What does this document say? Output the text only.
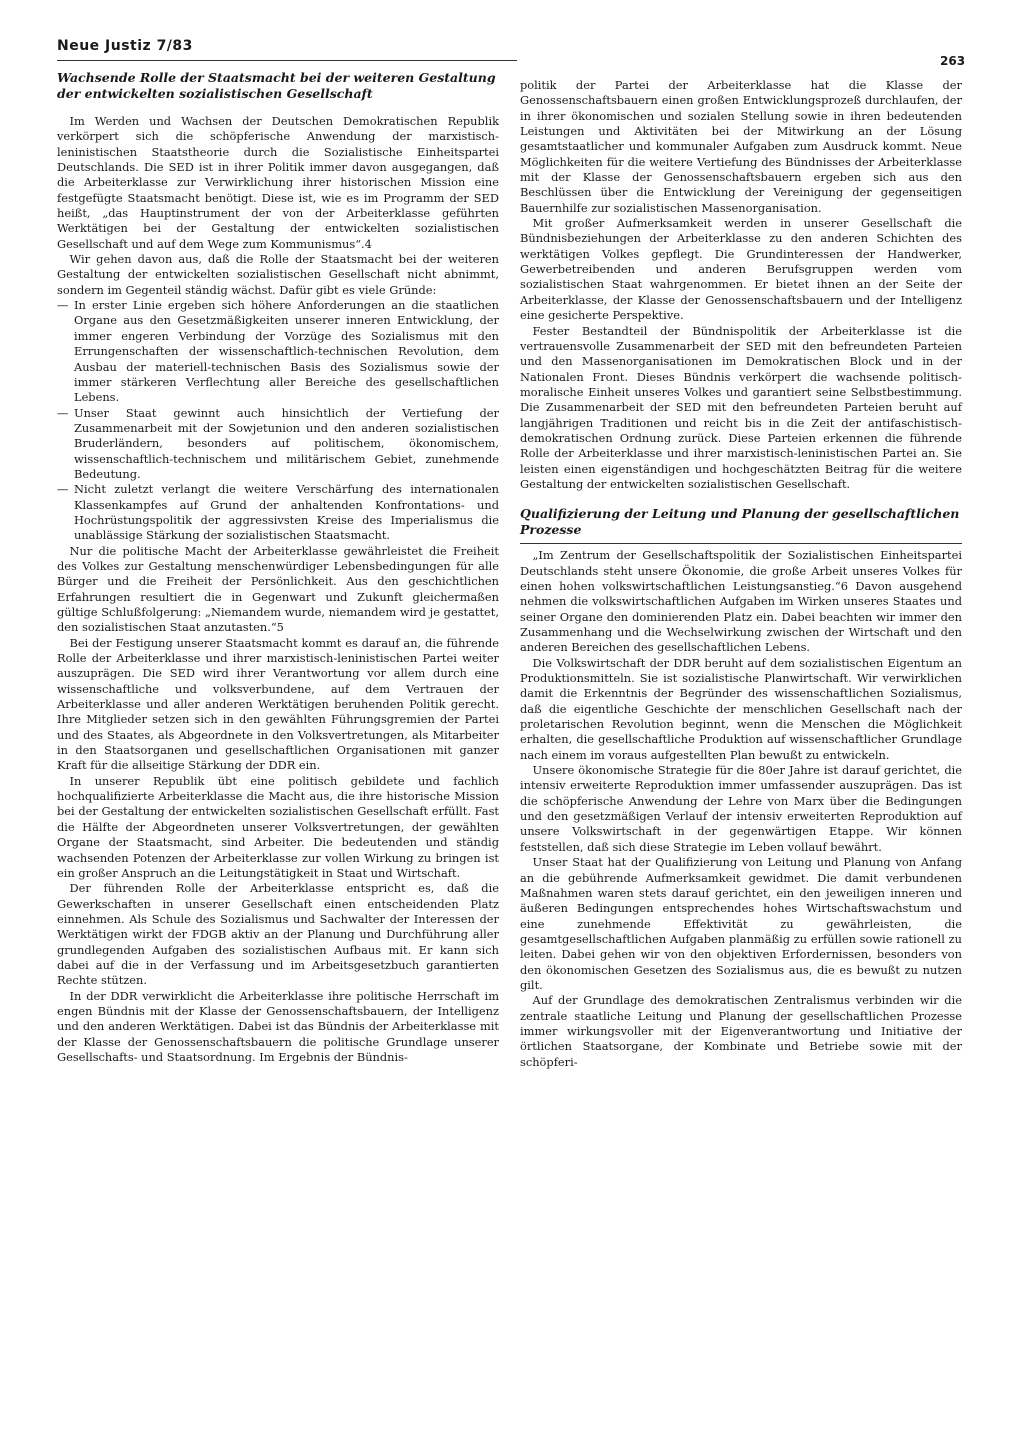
Neue Justiz 7/83
263
Wachsende Rolle der Staatsmacht bei der weiteren Gestaltung der entwickelten sozialistischen Gesellschaft

Im Werden und Wachsen der Deutschen Demokratischen Republik verkörpert sich die schöpferische Anwendung der marxistisch-leninistischen Staatstheorie durch die Sozialistische Einheitspartei Deutschlands. Die SED ist in ihrer Politik immer davon ausgegangen, daß die Arbeiterklasse zur Verwirklichung ihrer historischen Mission eine festgefügte Staatsmacht benötigt. Diese ist, wie es im Programm der SED heißt, „das Hauptinstrument der von der Arbeiterklasse geführten Werktätigen bei der Gestaltung der entwickelten sozialistischen Gesellschaft und auf dem Wege zum Kommunismus“.4

Wir gehen davon aus, daß die Rolle der Staatsmacht bei der weiteren Gestaltung der entwickelten sozialistischen Gesellschaft nicht abnimmt, sondern im Gegenteil ständig wächst. Dafür gibt es viele Gründe:

— In erster Linie ergeben sich höhere Anforderungen an die staatlichen Organe aus den Gesetzmäßigkeiten unserer inneren Entwicklung, der immer engeren Verbindung der Vorzüge des Sozialismus mit den Errungenschaften der wissenschaftlich-technischen Revolution, dem Ausbau der materiell-technischen Basis des Sozialismus sowie der immer stärkeren Verflechtung aller Bereiche des gesellschaftlichen Lebens.
— Unser Staat gewinnt auch hinsichtlich der Vertiefung der Zusammenarbeit mit der Sowjetunion und den anderen sozialistischen Bruderländern, besonders auf politischem, ökonomischem, wissenschaftlich-technischem und militärischem Gebiet, zunehmende Bedeutung.
— Nicht zuletzt verlangt die weitere Verschärfung des internationalen Klassenkampfes auf Grund der anhaltenden Konfrontations- und Hochrüstungspolitik der aggressivsten Kreise des Imperialismus die unablässige Stärkung der sozialistischen Staatsmacht.

Nur die politische Macht der Arbeiterklasse gewährleistet die Freiheit des Volkes zur Gestaltung menschenwürdiger Lebensbedingungen für alle Bürger und die Freiheit der Persönlichkeit. Aus den geschichtlichen Erfahrungen resultiert die in Gegenwart und Zukunft gleichermaßen gültige Schlußfolgerung: „Niemandem wurde, niemandem wird je gestattet, den sozialistischen Staat anzutasten.“5

Bei der Festigung unserer Staatsmacht kommt es darauf an, die führende Rolle der Arbeiterklasse und ihrer marxistisch-leninistischen Partei weiter auszuprägen. Die SED wird ihrer Verantwortung vor allem durch eine wissenschaftliche und volksverbundene, auf dem Vertrauen der Arbeiterklasse und aller anderen Werktätigen beruhenden Politik gerecht. Ihre Mitglieder setzen sich in den gewählten Führungsgremien der Partei und des Staates, als Abgeordnete in den Volksvertretungen, als Mitarbeiter in den Staatsorganen und gesellschaftlichen Organisationen mit ganzer Kraft für die allseitige Stärkung der DDR ein.

In unserer Republik übt eine politisch gebildete und fachlich hochqualifizierte Arbeiterklasse die Macht aus, die ihre historische Mission bei der Gestaltung der entwickelten sozialistischen Gesellschaft erfüllt. Fast die Hälfte der Abgeordneten unserer Volksvertretungen, der gewählten Organe der Staatsmacht, sind Arbeiter. Die bedeutenden und ständig wachsenden Potenzen der Arbeiterklasse zur vollen Wirkung zu bringen ist ein großer Anspruch an die Leitungstätigkeit in Staat und Wirtschaft.

Der führenden Rolle der Arbeiterklasse entspricht es, daß die Gewerkschaften in unserer Gesellschaft einen entscheidenden Platz einnehmen. Als Schule des Sozialismus und Sachwalter der Interessen der Werktätigen wirkt der FDGB aktiv an der Planung und Durchführung aller grundlegenden Aufgaben des sozialistischen Aufbaus mit. Er kann sich dabei auf die in der Verfassung und im Arbeitsgesetzbuch garantierten Rechte stützen.

In der DDR verwirklicht die Arbeiterklasse ihre politische Herrschaft im engen Bündnis mit der Klasse der Genossenschaftsbauern, der Intelligenz und den anderen Werktätigen. Dabei ist das Bündnis der Arbeiterklasse mit der Klasse der Genossenschaftsbauern die politische Grundlage unserer Gesellschafts- und Staatsordnung. Im Ergebnis der Bündnis-

politik der Partei der Arbeiterklasse hat die Klasse der Genossenschaftsbauern einen großen Entwicklungsprozeß durchlaufen, der in ihrer ökonomischen und sozialen Stellung sowie in ihren bedeutenden Leistungen und Aktivitäten bei der Mitwirkung an der Lösung gesamtstaatlicher und kommunaler Aufgaben zum Ausdruck kommt. Neue Möglichkeiten für die weitere Vertiefung des Bündnisses der Arbeiterklasse mit der Klasse der Genossenschaftsbauern ergeben sich aus den Beschlüssen über die Entwicklung der Vereinigung der gegenseitigen Bauernhilfe zur sozialistischen Massenorganisation.

Mit großer Aufmerksamkeit werden in unserer Gesellschaft die Bündnisbeziehungen der Arbeiterklasse zu den anderen Schichten des werktätigen Volkes gepflegt. Die Grundinteressen der Handwerker, Gewerbetreibenden und anderen Berufsgruppen werden vom sozialistischen Staat wahrgenommen. Er bietet ihnen an der Seite der Arbeiterklasse, der Klasse der Genossenschaftsbauern und der Intelligenz eine gesicherte Perspektive.

Fester Bestandteil der Bündnispolitik der Arbeiterklasse ist die vertrauensvolle Zusammenarbeit der SED mit den befreundeten Parteien und den Massenorganisationen im Demokratischen Block und in der Nationalen Front. Dieses Bündnis verkörpert die wachsende politisch-moralische Einheit unseres Volkes und garantiert seine Selbstbestimmung. Die Zusammenarbeit der SED mit den befreundeten Parteien beruht auf langjährigen Traditionen und reicht bis in die Zeit der antifaschistisch-demokratischen Ordnung zurück. Diese Parteien erkennen die führende Rolle der Arbeiterklasse und ihrer marxistisch-leninistischen Partei an. Sie leisten einen eigenständigen und hochgeschätzten Beitrag für die weitere Gestaltung der entwickelten sozialistischen Gesellschaft.

Qualifizierung der Leitung und Planung der gesellschaftlichen Prozesse

„Im Zentrum der Gesellschaftspolitik der Sozialistischen Einheitspartei Deutschlands steht unsere Ökonomie, die große Arbeit unseres Volkes für einen hohen volkswirtschaftlichen Leistungsanstieg.“6 Davon ausgehend nehmen die volkswirtschaftlichen Aufgaben im Wirken unseres Staates und seiner Organe den dominierenden Platz ein. Dabei beachten wir immer den Zusammenhang und die Wechselwirkung zwischen der Wirtschaft und den anderen Bereichen des gesellschaftlichen Lebens.

Die Volkswirtschaft der DDR beruht auf dem sozialistischen Eigentum an Produktionsmitteln. Sie ist sozialistische Planwirtschaft. Wir verwirklichen damit die Erkenntnis der Begründer des wissenschaftlichen Sozialismus, daß die eigentliche Geschichte der menschlichen Gesellschaft nach der proletarischen Revolution beginnt, wenn die Menschen die Möglichkeit erhalten, die gesellschaftliche Produktion auf wissenschaftlicher Grundlage nach einem im voraus aufgestellten Plan bewußt zu entwickeln.

Unsere ökonomische Strategie für die 80er Jahre ist darauf gerichtet, die intensiv erweiterte Reproduktion immer umfassender auszuprägen. Das ist die schöpferische Anwendung der Lehre von Marx über die Bedingungen und den gesetzmäßigen Verlauf der intensiv erweiterten Reproduktion auf unsere Volkswirtschaft in der gegenwärtigen Etappe. Wir können feststellen, daß sich diese Strategie im Leben vollauf bewährt.

Unser Staat hat der Qualifizierung von Leitung und Planung von Anfang an die gebührende Aufmerksamkeit gewidmet. Die damit verbundenen Maßnahmen waren stets darauf gerichtet, ein den jeweiligen inneren und äußeren Bedingungen entsprechendes hohes Wirtschaftswachstum und eine zunehmende Effektivität zu gewährleisten, die gesamtgesellschaftlichen Aufgaben planmäßig zu erfüllen sowie rationell zu leiten. Dabei gehen wir von den objektiven Erfordernissen, besonders von den ökonomischen Gesetzen des Sozialismus aus, die es bewußt zu nutzen gilt.

Auf der Grundlage des demokratischen Zentralismus verbinden wir die zentrale staatliche Leitung und Planung der gesellschaftlichen Prozesse immer wirkungsvoller mit der Eigenverantwortung und Initiative der örtlichen Staatsorgane, der Kombinate und Betriebe sowie mit der schöpferi-
